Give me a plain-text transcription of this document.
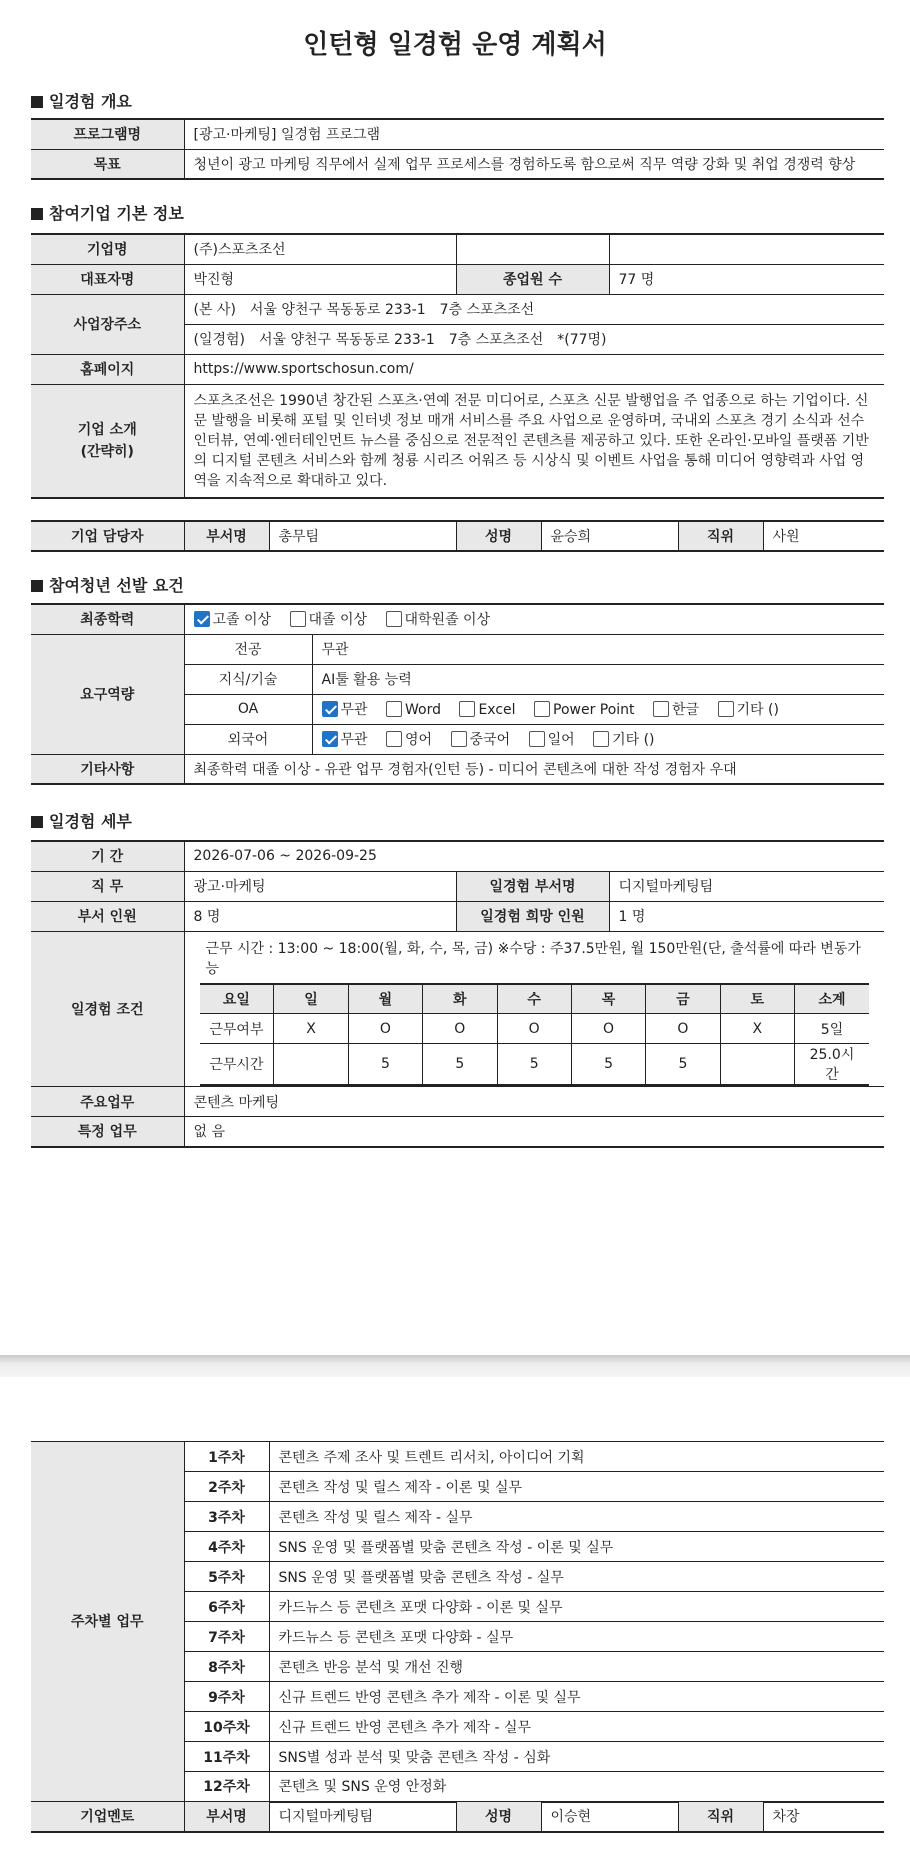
인턴형 일경험 운영 계획서
일경험 개요
프로그램명	[광고·마케팅] 일경험 프로그램
목표	청년이 광고 마케팅 직무에서 실제 업무 프로세스를 경험하도록 함으로써 직무 역량 강화 및 취업 경쟁력 향상
참여기업 기본 정보
기업명	(주)스포츠조선		
대표자명	박진형	종업원 수	77 명
사업장주소	(본 사)　서울 양천구 목동동로 233-1　7층 스포츠조선		
	(일경험)　서울 양천구 목동동로 233-1　7층 스포츠조선　*(77명)		
홈페이지	https://www.sportschosun.com/		
기업 소개
(간략히)	스포츠조선은 1990년 창간된 스포츠·연예 전문 미디어로, 스포츠 신문 발행업을 주 업종으로 하는 기업이다. 신문 발행을 비롯해 포털 및 인터넷 정보 매개 서비스를 주요 사업으로 운영하며, 국내외 스포츠 경기 소식과 선수 인터뷰, 연예·엔터테인먼트 뉴스를 중심으로 전문적인 콘텐츠를 제공하고 있다. 또한 온라인·모바일 플랫폼 기반의 디지털 콘텐츠 서비스와 함께 청룡 시리즈 어워즈 등 시상식 및 이벤트 사업을 통해 미디어 영향력과 사업 영역을 지속적으로 확대하고 있다.		
기업 담당자	부서명	총무팀	성명	윤승희	직위	사원
참여청년 선발 요건
최종학력	고졸 이상 대졸 이상 대학원졸 이상	
요구역량	전공	무관
	지식/기술	AI툴 활용 능력
	OA	무관 Word Excel Power Point 한글 기타 ()
	외국어	무관 영어 중국어 일어 기타 ()
기타사항	최종학력 대졸 이상 - 유관 업무 경험자(인턴 등) - 미디어 콘텐츠에 대한 작성 경험자 우대	
일경험 세부
기 간	2026-07-06 ~ 2026-09-25
직 무	광고·마케팅	일경험 부서명	디지털마케팅팀
부서 인원	8 명	일경험 희망 인원	1 명
일경험 조건	
근무 시간 : 13:00 ~ 18:00(월, 화, 수, 목, 금) ※수당 : 주37.5만원, 월 150만원(단, 출석률에 따라 변동가능
요일	일	월	화	수	목	금	토	소계
근무여부	X	O	O	O	O	O	X	5일
근무시간		5	5	5	5	5		25.0시간

주요업무	콘텐츠 마케팅
특정 업무	없 음
주차별 업무	1주차	콘텐츠 주제 조사 및 트렌트 리서치, 아이디어 기획
	2주차	콘텐츠 작성 및 릴스 제작 - 이론 및 실무
	3주차	콘텐츠 작성 및 릴스 제작 - 실무
	4주차	SNS 운영 및 플랫폼별 맞춤 콘텐츠 작성 - 이론 및 실무
	5주차	SNS 운영 및 플랫폼별 맞춤 콘텐츠 작성 - 실무
	6주차	카드뉴스 등 콘텐츠 포맷 다양화 - 이론 및 실무
	7주차	카드뉴스 등 콘텐츠 포맷 다양화 - 실무
	8주차	콘텐츠 반응 분석 및 개선 진행
	9주차	신규 트렌드 반영 콘텐츠 추가 제작 - 이론 및 실무
	10주차	신규 트렌드 반영 콘텐츠 추가 제작 - 실무
	11주차	SNS별 성과 분석 및 맞춤 콘텐츠 작성 - 심화
	12주차	콘텐츠 및 SNS 운영 안정화
기업멘토	부서명	디지털마케팅팀	성명	이승현	직위	차장
